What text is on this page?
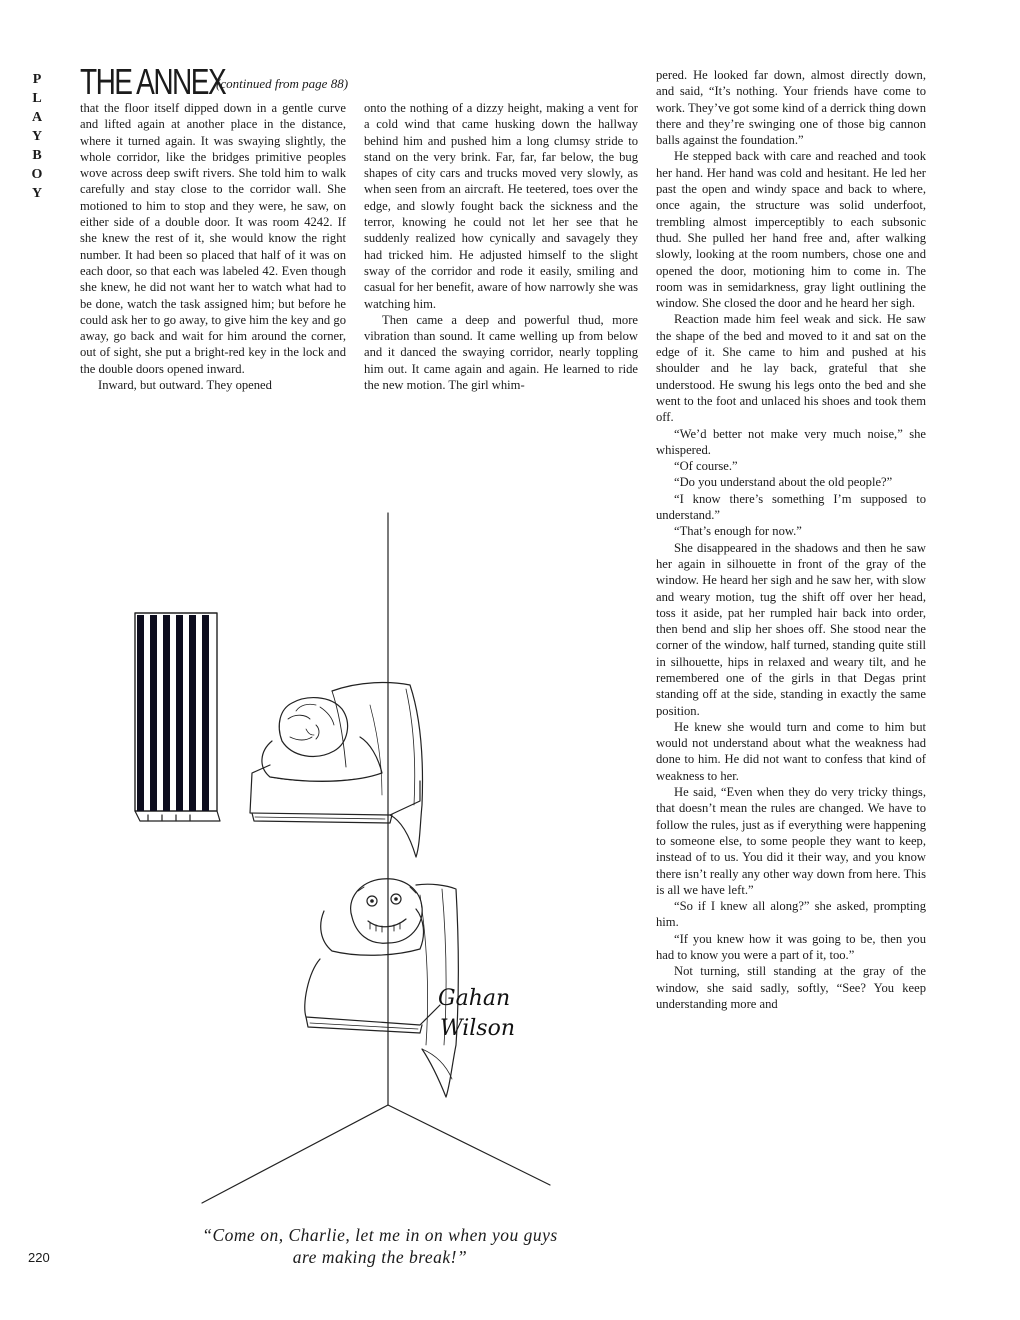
P
L
A
Y
B
O
Y
THE ANNEX
(continued from page 88)

that the floor itself dipped down in a gentle curve and lifted again at another place in the distance, where it turned again. It was swaying slightly, the whole corridor, like the bridges primitive peoples wove across deep swift rivers. She told him to walk carefully and stay close to the corridor wall. She motioned to him to stop and they were, he saw, on either side of a double door. It was room 4242. If she knew the rest of it, she would know the right number. It had been so placed that half of it was on each door, so that each was labeled 42. Even though she knew, he did not want her to watch what had to be done, watch the task assigned him; but before he could ask her to go away, to give him the key and go away, go back and wait for him around the corner, out of sight, she put a bright-red key in the lock and the double doors opened inward.

Inward, but outward. They opened

onto the nothing of a dizzy height, making a vent for a cold wind that came husking down the hallway behind him and pushed him a long clumsy stride to stand on the very brink. Far, far, far below, the bug shapes of city cars and trucks moved very slowly, as when seen from an aircraft. He teetered, toes over the edge, and slowly fought back the sickness and the terror, knowing he could not let her see that he suddenly realized how cynically and savagely they had tricked him. He adjusted himself to the slight sway of the corridor and rode it easily, smiling and casual for her benefit, aware of how narrowly she was watching him.

Then came a deep and powerful thud, more vibration than sound. It came welling up from below and it danced the swaying corridor, nearly toppling him out. It came again and again. He learned to ride the new motion. The girl whim-

pered. He looked far down, almost directly down, and said, “It’s nothing. Your friends have come to work. They’ve got some kind of a derrick thing down there and they’re swinging one of those big cannon balls against the foundation.”

He stepped back with care and reached and took her hand. Her hand was cold and hesitant. He led her past the open and windy space and back to where, once again, the structure was solid underfoot, trembling almost imperceptibly to each subsonic thud. She pulled her hand free and, after walking slowly, looking at the room numbers, chose one and opened the door, motioning him to come in. The room was in semidarkness, gray light outlining the window. She closed the door and he heard her sigh.

Reaction made him feel weak and sick. He saw the shape of the bed and moved to it and sat on the edge of it. She came to him and pushed at his shoulder and he lay back, grateful that she understood. He swung his legs onto the bed and she went to the foot and unlaced his shoes and took them off.

“We’d better not make very much noise,” she whispered.

“Of course.”

“Do you understand about the old people?”

“I know there’s something I’m supposed to understand.”

“That’s enough for now.”

She disappeared in the shadows and then he saw her again in silhouette in front of the gray of the window. He heard her sigh and he saw her, with slow and weary motion, tug the shift off over her head, toss it aside, pat her rumpled hair back into order, then bend and slip her shoes off. She stood near the corner of the window, half turned, standing quite still in silhouette, hips in relaxed and weary tilt, and he remembered one of the girls in that Degas print standing off at the side, standing in exactly the same position.

He knew she would turn and come to him but would not understand about what the weakness had done to him. He did not want to confess that kind of weakness to her.

He said, “Even when they do very tricky things, that doesn’t mean the rules are changed. We have to follow the rules, just as if everything were happening to someone else, to some people they want to keep, instead of to us. You did it their way, and you know there isn’t really any other way down from here. This is all we have left.”

“So if I knew all along?” she asked, prompting him.

“If you knew how it was going to be, then you had to know you were a part of it, too.”

Not turning, still standing at the gray of the window, she said sadly, softly, “See? You keep understanding more and

Gahan
Wilson
“Come on, Charlie, let me in on when you guys
are making the break!”
220
